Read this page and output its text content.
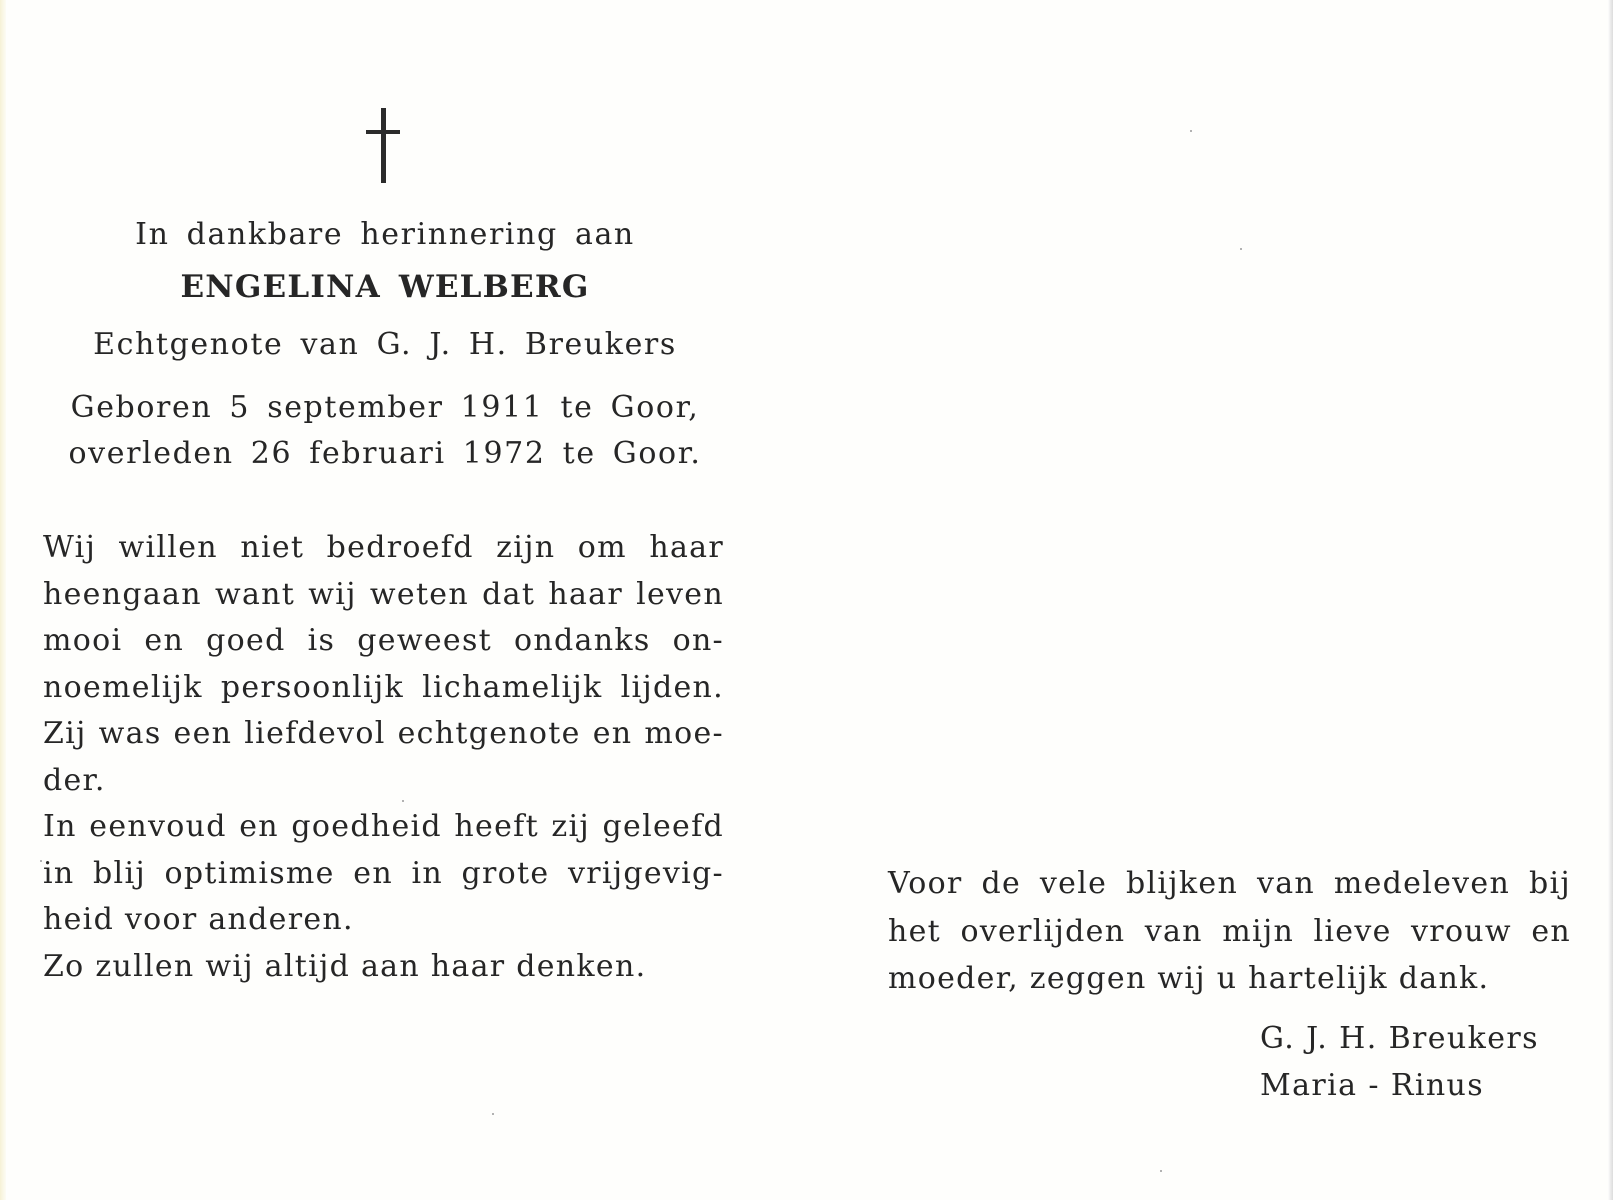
In dankbare herinnering aan
ENGELINA WELBERG
Echtgenote van G. J. H. Breukers
Geboren 5 september 1911 te Goor,
overleden 26 februari 1972 te Goor.
Wij willen niet bedroefd zijn om haar
heengaan want wij weten dat haar leven
mooi en goed is geweest ondanks on-
noemelijk persoonlijk lichamelijk lijden.
Zij was een liefdevol echtgenote en moe-
der.
In eenvoud en goedheid heeft zij geleefd
in blij optimisme en in grote vrijgevig-
heid voor anderen.
Zo zullen wij altijd aan haar denken.
Voor de vele blijken van medeleven bij
het overlijden van mijn lieve vrouw en
moeder, zeggen wij u hartelijk dank.
G. J. H. Breukers
Maria - Rinus
